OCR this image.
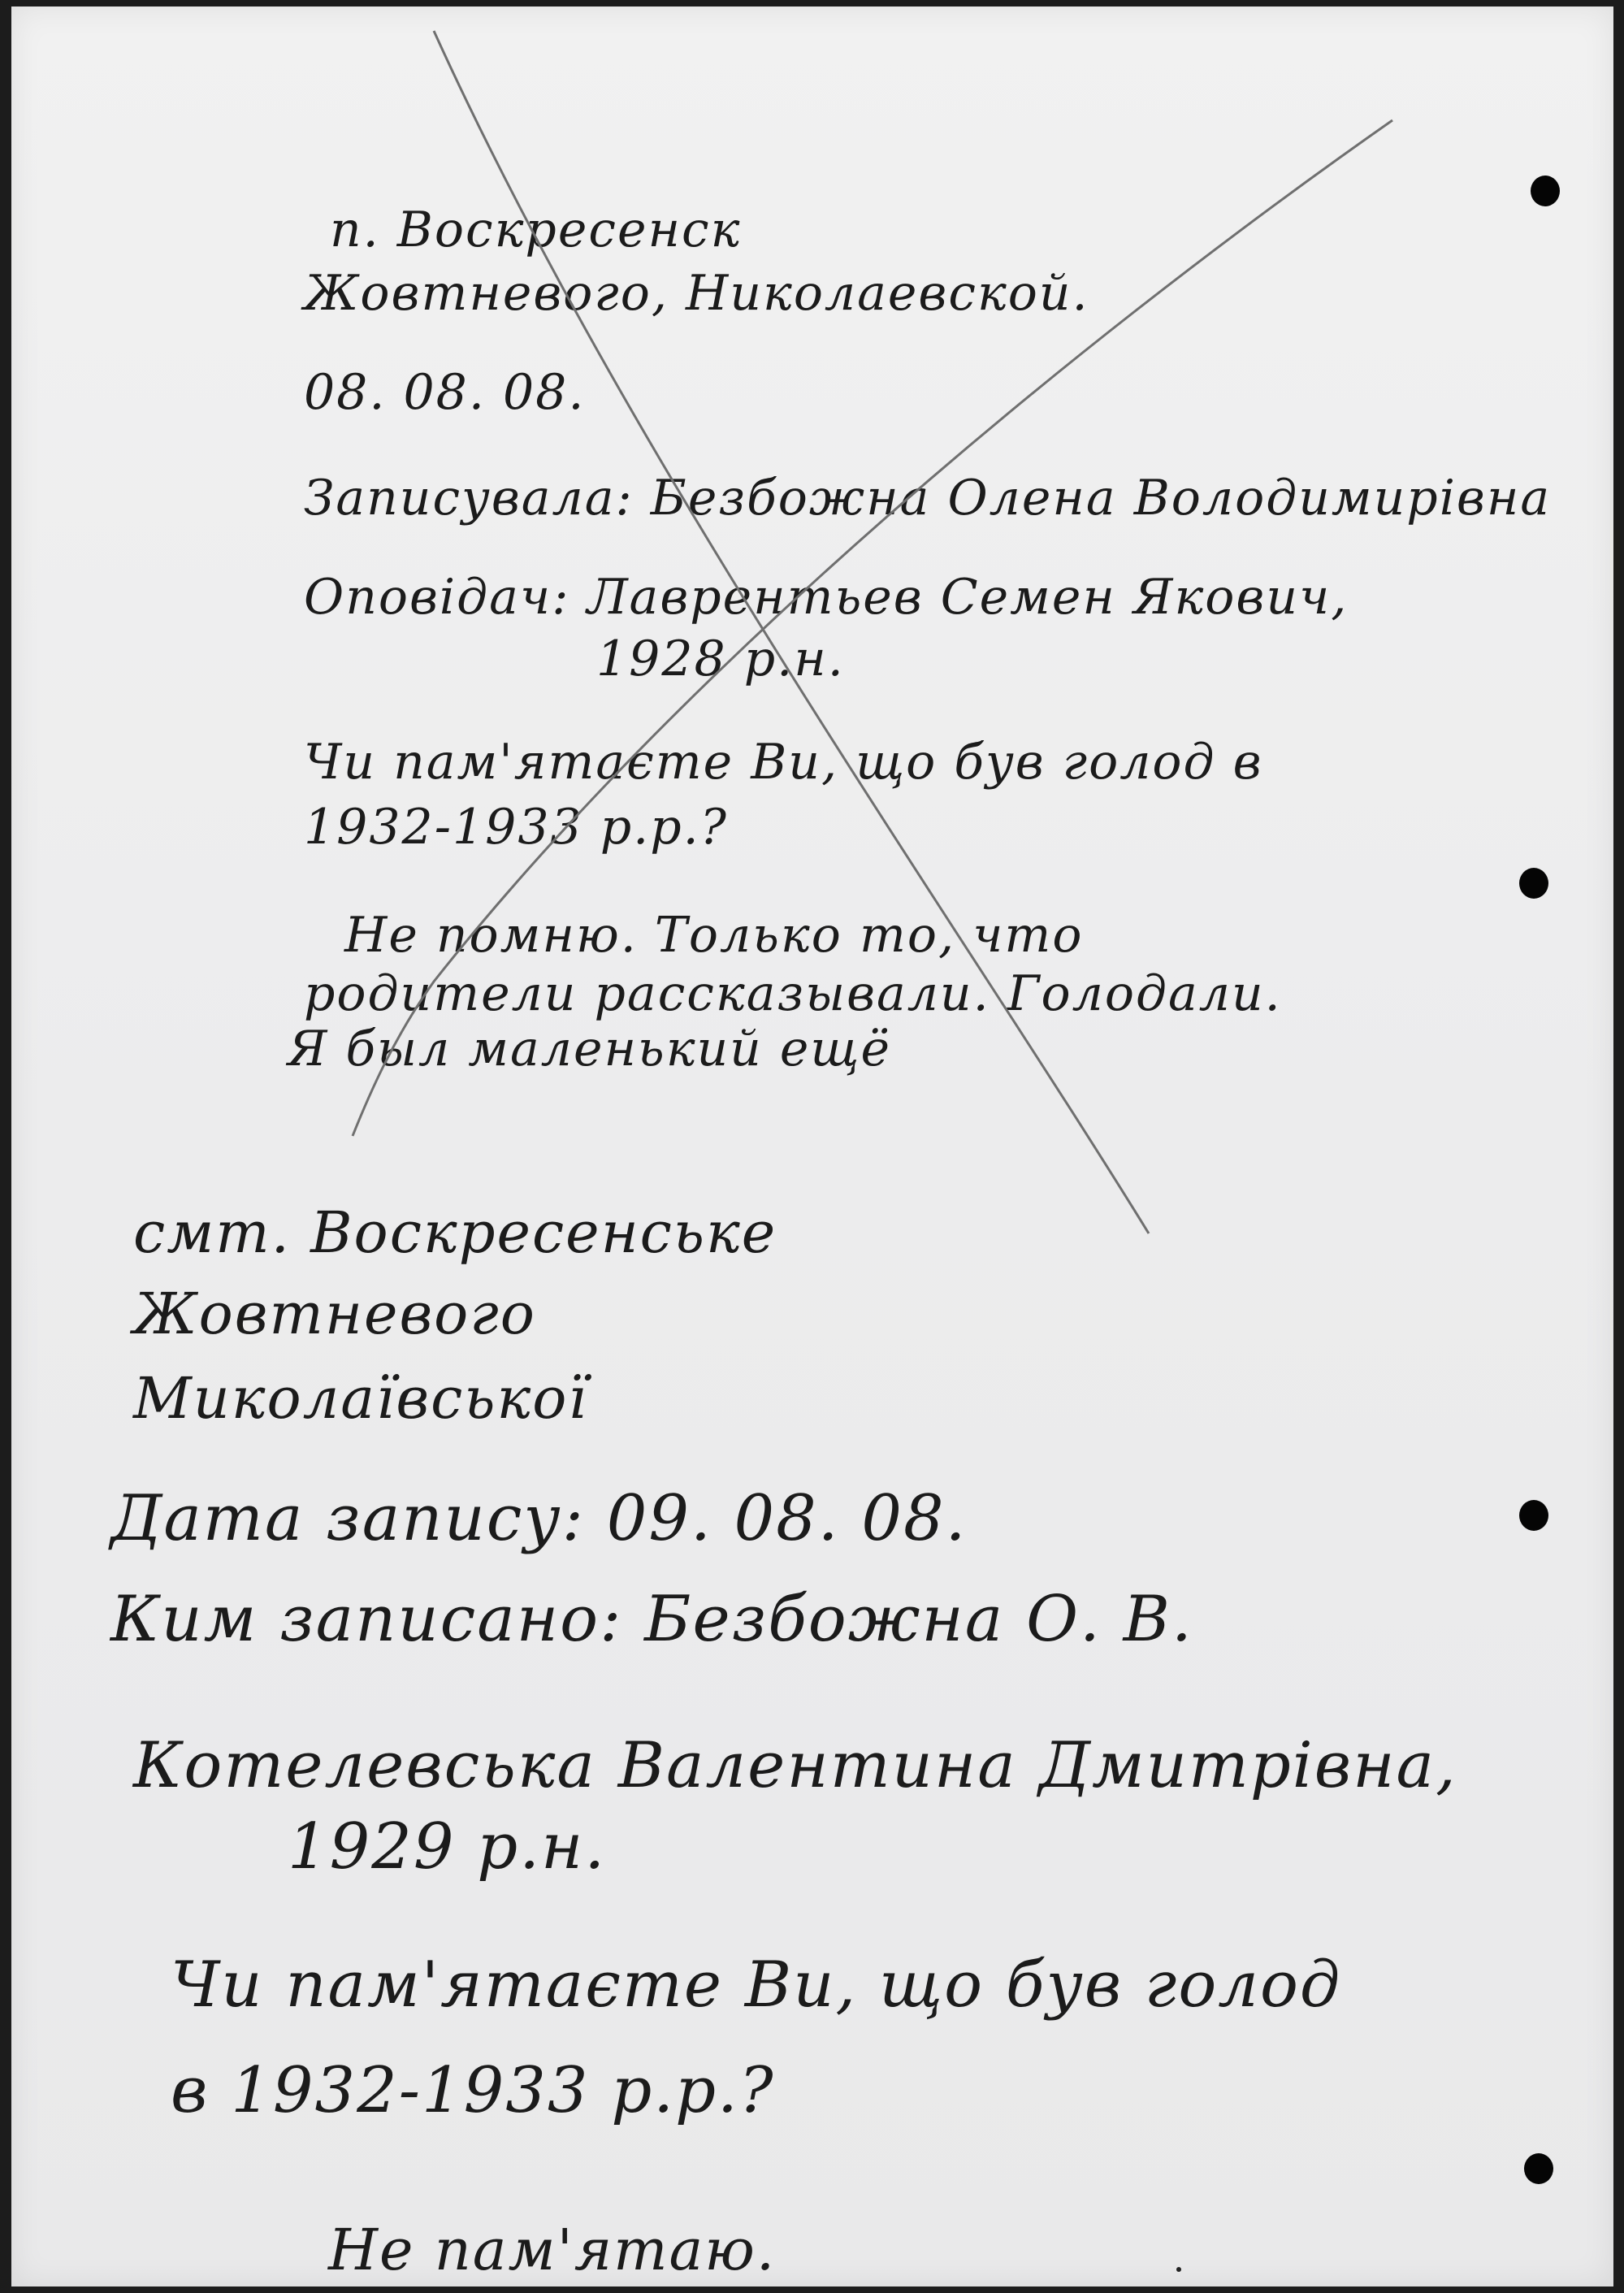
п. Воскресенск
Жовтневого, Николаевской.
08. 08. 08.
Записувала: Безбожна Олена Володимирівна
Оповідач: Лаврентьев Семен Якович,
1928 р.н.
Чи пам'ятаєте Ви, що був голод в
1932-1933 р.р.?
Не помню. Только то, что
родители рассказывали. Голодали.
Я был маленький ещё
смт. Воскресенське
Жовтневого
Миколаївської
Дата запису: 09. 08. 08.
Ким записано: Безбожна О. В.
Котелевська Валентина Дмитрівна,
1929 р.н.
Чи пам'ятаєте Ви, що був голод
в 1932-1933 р.р.?
Не пам'ятаю.
